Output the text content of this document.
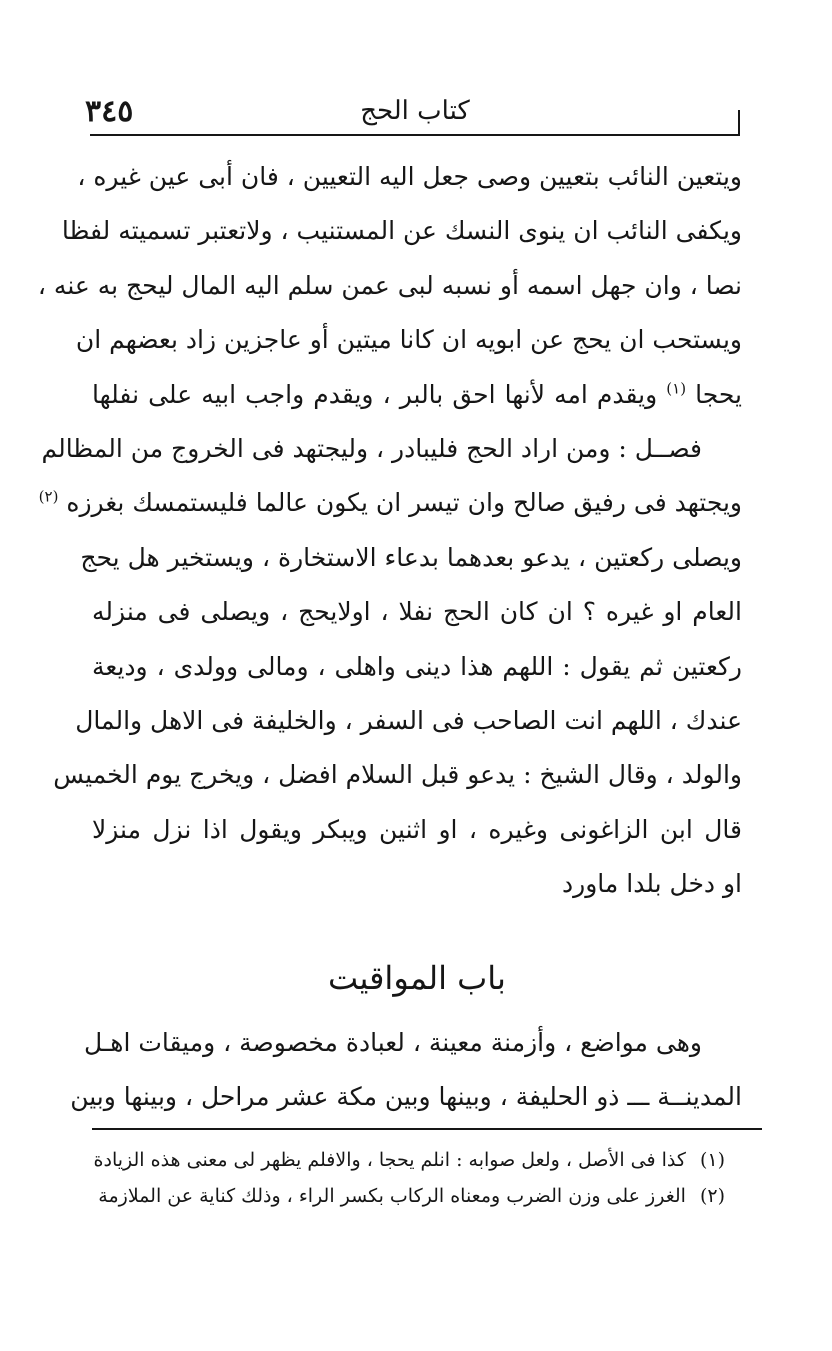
٣٤٥	كتاب الحج
ويتعين النائب بتعيين وصى جعل اليه التعيين ، فان أبى عين غيره ،
ويكفى النائب ان ينوى النسك عن المستنيب ، ولاتعتبر تسميته لفظا
نصا ، وان جهل اسمه أو نسبه لبى عمن سلم اليه المال ليحج به عنه ،
ويستحب ان يحج عن ابويه ان كانا ميتين أو عاجزين زاد بعضهم ان
يحجا $^{(١)}$ ويقدم امه لأنها احق بالبر ، ويقدم واجب ابيه على نفلها
فصــل : ومن اراد الحج فليبادر ، وليجتهد فى الخروج من المظالم
ويجتهد فى رفيق صالح وان تيسر ان يكون عالما فليستمسك بغرزه $^{(٢)}$
ويصلى ركعتين ، يدعو بعدهما بدعاء الاستخارة ، ويستخير هل يحج
العام او غيره ؟ ان كان الحج نفلا ، اولايحج ، ويصلى فى منزله
ركعتين ثم يقول : اللهم هذا دينى واهلى ، ومالى وولدى ، وديعة
عندك ، اللهم انت الصاحب فى السفر ، والخليفة فى الاهل والمال
والولد ، وقال الشيخ : يدعو قبل السلام افضل ، ويخرج يوم الخميس
قال ابن الزاغونى وغيره ، او اثنين ويبكر ويقول اذا نزل منزلا
او دخل بلدا ماورد
باب المواقيت
وهى مواضع ، وأزمنة معينة ، لعبادة مخصوصة ، وميقات اهـل
المدينــة ـــ ذو الحليفة ، وبينها وبين مكة عشر مراحل ، وبينها وبين
(١)
كذا فى الأصل ، ولعل صوابه : انلم يحجا ، والافلم يظهر لى معنى هذه الزيادة
(٢)
الغرز على وزن الضرب ومعناه الركاب بكسر الراء ، وذلك كناية عن الملازمة
